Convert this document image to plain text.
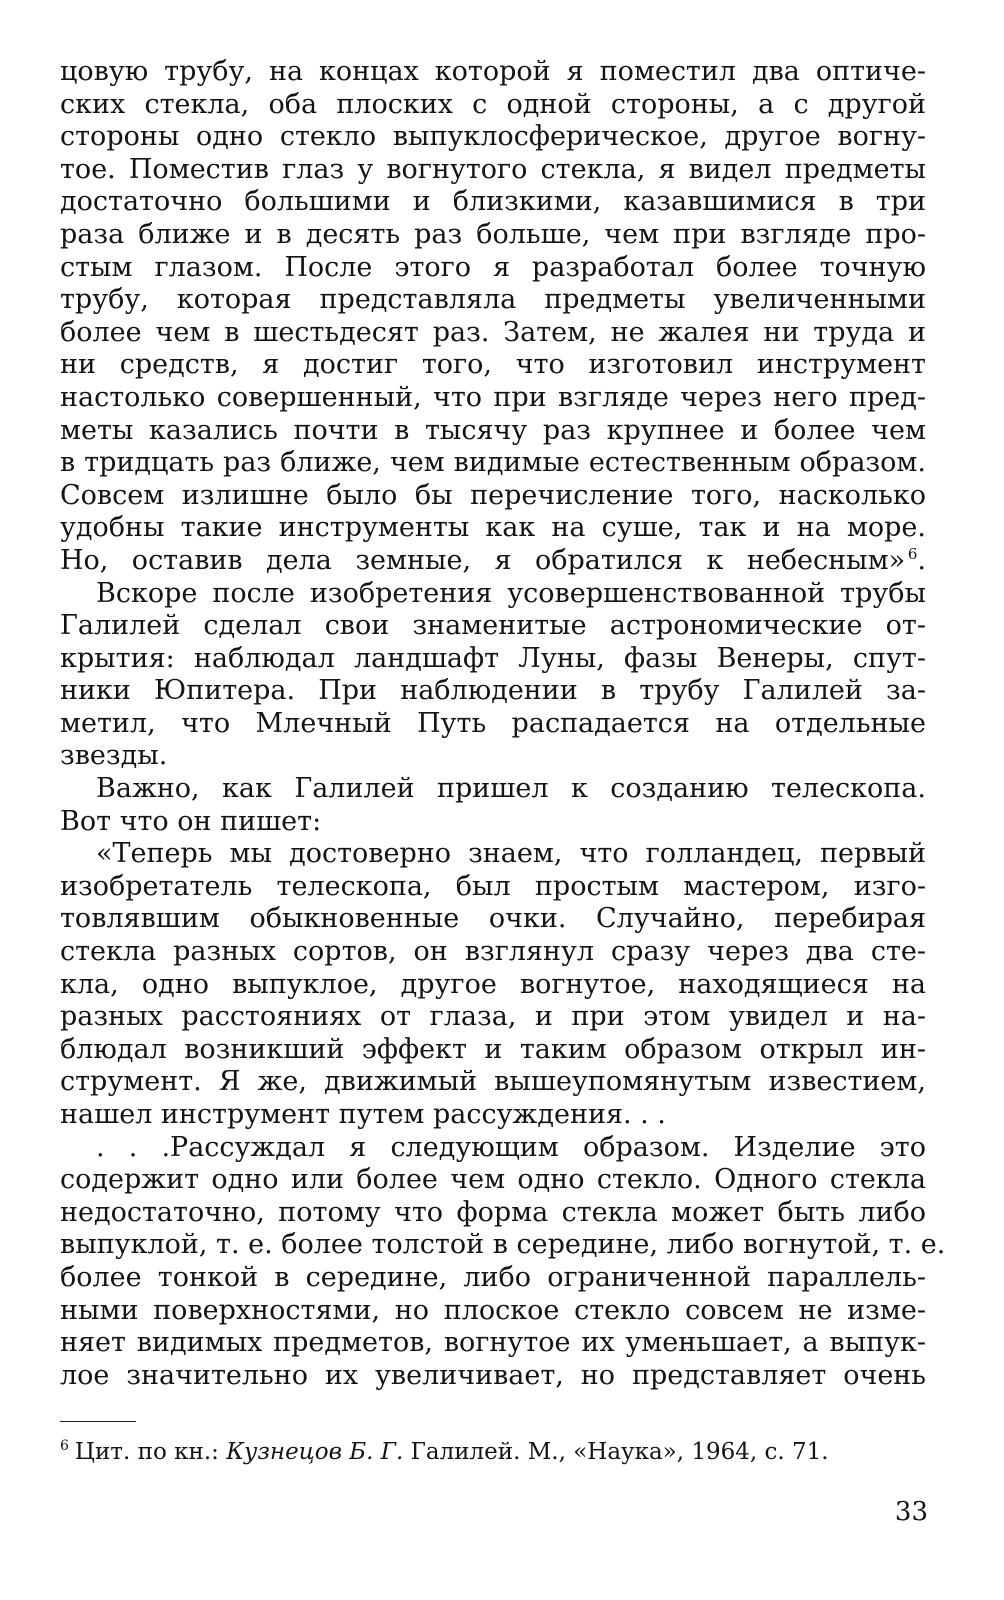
цовую трубу, на концах которой я поместил два оптиче-
ских стекла, оба плоских с одной стороны, а с другой
стороны одно стекло выпуклосферическое, другое вогну-
тое. Поместив глаз у вогнутого стекла, я видел предметы
достаточно большими и близкими, казавшимися в три
раза ближе и в десять раз больше, чем при взгляде про-
стым глазом. После этого я разработал более точную
трубу, которая представляла предметы увеличенными
более чем в шестьдесят раз. Затем, не жалея ни труда и
ни средств, я достиг того, что изготовил инструмент
настолько совершенный, что при взгляде через него пред-
меты казались почти в тысячу раз крупнее и более чем
в тридцать раз ближе, чем видимые естественным образом.
Совсем излишне было бы перечисление того, насколько
удобны такие инструменты как на суше, так и на море.
Но, оставив дела земные, я обратился к небесным»  $^6$.
Вскоре после изобретения усовершенствованной трубы
Галилей сделал свои знаменитые астрономические от-
крытия: наблюдал ландшафт Луны, фазы Венеры, спут-
ники Юпитера. При наблюдении в трубу Галилей за-
метил, что Млечный Путь распадается на отдельные
звезды.
Важно, как Галилей пришел к созданию телескопа.
Вот что он пишет:
«Теперь мы достоверно знаем, что голландец, первый
изобретатель телескопа, был простым мастером, изго-
товлявшим обыкновенные очки. Случайно, перебирая
стекла разных сортов, он взглянул сразу через два сте-
кла, одно выпуклое, другое вогнутое, находящиеся на
разных расстояниях от глаза, и при этом увидел и на-
блюдал возникший эффект и таким образом открыл ин-
струмент. Я же, движимый вышеупомянутым известием,
нашел инструмент путем рассуждения. . .
. . .Рассуждал я следующим образом. Изделие это
содержит одно или более чем одно стекло. Одного стекла
недостаточно, потому что форма стекла может быть либо
выпуклой, т. е. более толстой в середине, либо вогнутой, т. е.
более тонкой в середине, либо ограниченной параллель-
ными поверхностями, но плоское стекло совсем не изме-
няет видимых предметов, вогнутое их уменьшает, а выпук-
лое значительно их увеличивает, но представляет очень
$^6$ Цит. по кн.: Кузнецов Б. Г. Галилей. М., «Наука», 1964, с. 71.
33
